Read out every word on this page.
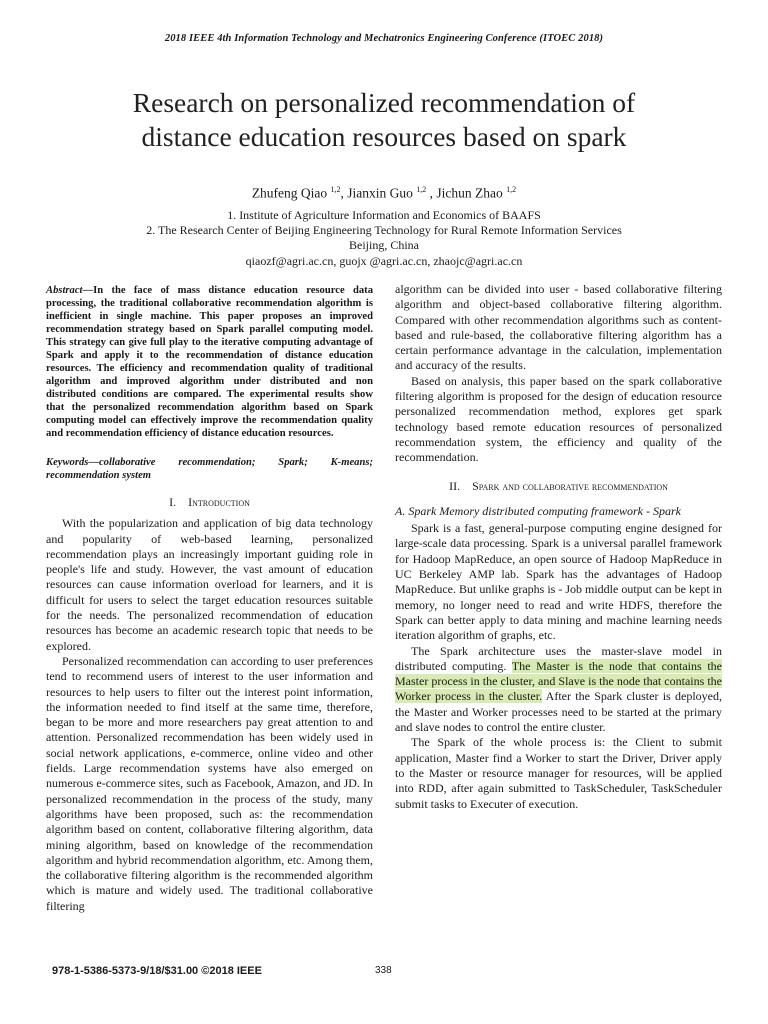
2018 IEEE 4th Information Technology and Mechatronics Engineering Conference (ITOEC 2018)
Research on personalized recommendation of
distance education resources based on spark
Zhufeng Qiao $^{1,2}$, Jianxin Guo $^{1,2}$ , Jichun Zhao $^{1,2}$
1. Institute of Agriculture Information and Economics of BAAFS
2. The Research Center of Beijing Engineering Technology for Rural Remote Information Services
Beijing, China
qiaozf@agri.ac.cn, guojx @agri.ac.cn, zhaojc@agri.ac.cn

Abstract—In the face of mass distance education resource data processing, the traditional collaborative recommendation algorithm is inefficient in single machine. This paper proposes an improved recommendation strategy based on Spark parallel computing model. This strategy can give full play to the iterative computing advantage of Spark and apply it to the recommendation of distance education resources. The efficiency and recommendation quality of traditional algorithm and improved algorithm under distributed and non distributed conditions are compared. The experimental results show that the personalized recommendation algorithm based on Spark computing model can effectively improve the recommendation quality and recommendation efficiency of distance education resources.

Keywords—collaborative recommendation; Spark; K-means; recommendation system

I. Introduction

With the popularization and application of big data technology and popularity of web-based learning, personalized recommendation plays an increasingly important guiding role in people's life and study. However, the vast amount of education resources can cause information overload for learners, and it is difficult for users to select the target education resources suitable for the needs. The personalized recommendation of education resources has become an academic research topic that needs to be explored.

Personalized recommendation can according to user preferences tend to recommend users of interest to the user information and resources to help users to filter out the interest point information, the information needed to find itself at the same time, therefore, began to be more and more researchers pay great attention to and attention. Personalized recommendation has been widely used in social network applications, e-commerce, online video and other fields. Large recommendation systems have also emerged on numerous e-commerce sites, such as Facebook, Amazon, and JD. In personalized recommendation in the process of the study, many algorithms have been proposed, such as: the recommendation algorithm based on content, collaborative filtering algorithm, data mining algorithm, based on knowledge of the recommendation algorithm and hybrid recommendation algorithm, etc. Among them, the collaborative filtering algorithm is the recommended algorithm which is mature and widely used. The traditional collaborative filtering

algorithm can be divided into user - based collaborative filtering algorithm and object-based collaborative filtering algorithm. Compared with other recommendation algorithms such as content-based and rule-based, the collaborative filtering algorithm has a certain performance advantage in the calculation, implementation and accuracy of the results.

Based on analysis, this paper based on the spark collaborative filtering algorithm is proposed for the design of education resource personalized recommendation method, explores get spark technology based remote education resources of personalized recommendation system, the efficiency and quality of the recommendation.

II. Spark and collaborative recommendation

A. Spark Memory distributed computing framework - Spark

Spark is a fast, general-purpose computing engine designed for large-scale data processing. Spark is a universal parallel framework for Hadoop MapReduce, an open source of Hadoop MapReduce in UC Berkeley AMP lab. Spark has the advantages of Hadoop MapReduce. But unlike graphs is - Job middle output can be kept in memory, no longer need to read and write HDFS, therefore the Spark can better apply to data mining and machine learning needs iteration algorithm of graphs, etc.

The Spark architecture uses the master-slave model in distributed computing. The Master is the node that contains the Master process in the cluster, and Slave is the node that contains the Worker process in the cluster. After the Spark cluster is deployed, the Master and Worker processes need to be started at the primary and slave nodes to control the entire cluster.

The Spark of the whole process is: the Client to submit application, Master find a Worker to start the Driver, Driver apply to the Master or resource manager for resources, will be applied into RDD, after again submitted to TaskScheduler, TaskScheduler submit tasks to Executer of execution.

978-1-5386-5373-9/18/$31.00 ©2018 IEEE	338
